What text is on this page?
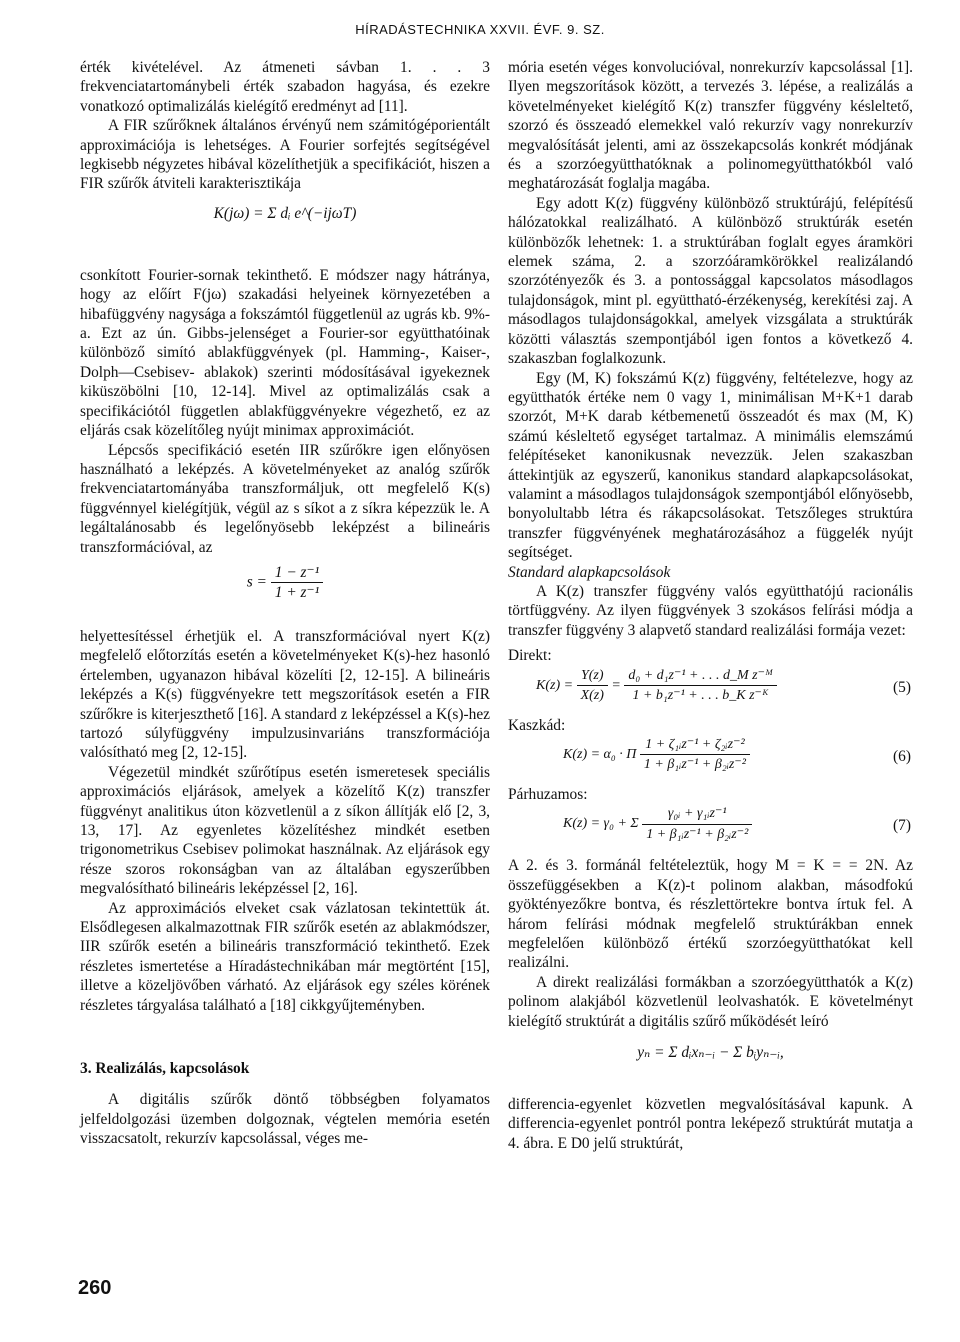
HÍRADÁSTECHNIKA XXVII. ÉVF. 9. SZ.

érték kivételével. Az átmeneti sávban 1. . . 3 frekvenciatartománybeli érték szabadon hagyása, és ezekre vonatkozó optimalizálás kielégítő eredményt ad [11].

A FIR szűrőknek általános érvényű nem számitógéporientált approximációja is lehetséges. A Fourier sorfejtés segítségével legkisebb négyzetes hibával közelíthetjük a specifikációt, hiszen a FIR szűrők átviteli karakterisztikája

K(jω) = Σ dᵢ e^(−ijωT)

csonkított Fourier-sornak tekinthető. E módszer nagy hátránya, hogy az előírt F(jω) szakadási helyeinek környezetében a hibafüggvény nagysága a fokszámtól függetlenül az ugrás kb. 9%-a. Ezt az ún. Gibbs-jelenséget a Fourier-sor együtthatóinak különböző simító ablakfüggvények (pl. Hamming-, Kaiser-, Dolph—Csebisev- ablakok) szerinti módosításával igyekeznek kiküszöbölni [10, 12-14]. Mivel az optimalizálás csak a specifikációtól független ablakfüggvényekre végezhető, ez az eljárás csak közelítőleg nyújt minimax approximációt.

Lépcsős specifikáció esetén IIR szűrőkre igen előnyösen használható a leképzés. A követelményeket az analóg szűrők frekvenciatartományába transzformáljuk, ott megfelelő K(s) függvénnyel kielégítjük, végül az s síkot a z síkra képezzük le. A legáltalánosabb és legelőnyösebb leképzést a bilineáris transzformációval, az

$s = \frac{\text{1 − z⁻¹}}{\text{1 + z⁻¹}}$

helyettesítéssel érhetjük el. A transzformációval nyert K(z) megfelelő előtorzítás esetén a követelményeket K(s)-hez hasonló értelemben, ugyanazon hibával közelíti [2, 12-15]. A bilineáris leképzés a K(s) függvényekre tett megszorítások esetén a FIR szűrőkre is kiterjeszthető [16]. A standard z leképzéssel a K(s)-hez tartozó súlyfüggvény impulzusinvariáns transzformációja valósítható meg [2, 12-15].

Végezetül mindkét szűrőtípus esetén ismeretesek speciális approximációs eljárások, amelyek a közelítő K(z) transzfer függvényt analitikus úton közvetlenül a z síkon állítják elő [2, 3, 13, 17]. Az egyenletes közelítéshez mindkét esetben trigonometrikus Csebisev polimokat használnak. Az eljárások egy része szoros rokonságban van az általában egyszerűbben megvalósítható bilineáris leképzéssel [2, 16].

Az approximációs elveket csak vázlatosan tekintettük át. Elsődlegesen alkalmazottnak FIR szűrők esetén az ablakmódszer, IIR szűrők esetén a bilineáris transzformáció tekinthető. Ezek részletes ismertetése a Híradástechnikában már megtörtént [15], illetve a közeljövőben várható. Az eljárások egy széles körének részletes tárgyalása található a [18] cikkgyűjteményben.

3. Realizálás, kapcsolások

A digitális szűrők döntő többségben folyamatos jelfeldolgozási üzemben dolgoznak, végtelen memória esetén visszacsatolt, rekurzív kapcsolással, véges me-

mória esetén véges konvolucióval, nonrekurzív kapcsolással [1]. Ilyen megszorítások között, a tervezés 3. lépése, a realizálás a követelményeket kielégítő K(z) transzfer függvény késleltető, szorzó és összeadó elemekkel való rekurzív vagy nonrekurzív megvalósítását jelenti, ami az összekapcsolás konkrét módjának és a szorzóegyütthatóknak a polinomegyütthatókból való meghatározását foglalja magába.

Egy adott K(z) függvény különböző struktúrájú, felépítésű hálózatokkal realizálható. A különböző struktúrák esetén különbözők lehetnek: 1. a struktúrában foglalt egyes áramköri elemek száma, 2. a szorzóáramkörökkel realizálandó szorzótényezők és 3. a pontossággal kapcsolatos másodlagos tulajdonságok, mint pl. együttható-érzékenység, kerekítési zaj. A másodlagos tulajdonságokkal, amelyek vizsgálata a struktúrák közötti választás szempontjából igen fontos a következő 4. szakaszban foglalkozunk.

Egy (M, K) fokszámú K(z) függvény, feltételezve, hogy az együtthatók értéke nem 0 vagy 1, minimálisan M+K+1 darab szorzót, M+K darab kétbemenetű összeadót és max (M, K) számú késleltető egységet tartalmaz. A minimális elemszámú felépítéseket kanonikusnak nevezzük. Jelen szakaszban áttekintjük az egyszerű, kanonikus standard alapkapcsolásokat, valamint a másodlagos tulajdonságok szempontjából előnyösebb, bonyolultabb létra és rákapcsolásokat. Tetszőleges struktúra transzfer függvényének meghatározásához a függelék nyújt segítséget.

Standard alapkapcsolások

A K(z) transzfer függvény valós együtthatójú racionális törtfüggvény. Az ilyen függvények 3 szokásos felírási módja a transzfer függvény 3 alapvető standard realizálási formája vezet:

Direkt:

$K(z) = \frac{Y(z)}{X(z)} = \frac{\text{d₀ + d₁z⁻¹ + . . . d\_M z⁻ᴹ}}{\text{1 + b₁z⁻¹ + . . . b\_K z⁻ᴷ}}$	(5)

Kaszkád:

K(z) = α₀ · Π $\frac{\text{1 + ζ₁ᵢz⁻¹ + ζ₂ᵢz⁻²}}{\text{1 + β₁ᵢz⁻¹ + β₂ᵢz⁻²}}$	(6)

Párhuzamos:

K(z) = γ₀ + Σ $\frac{\text{γ₀ᵢ + γ₁ᵢz⁻¹}}{\text{1 + β₁ᵢz⁻¹ + β₂ᵢz⁻²}}$	(7)

A 2. és 3. formánál feltételeztük, hogy M = K = = 2N. Az összefüggésekben a K(z)-t polinom alakban, másodfokú gyöktényezőkre bontva, és részlettörtekre bontva írtuk fel. A három felírási módnak megfelelő struktúrákban ennek megfelelően különböző értékű szorzóegyütthatókat kell realizálni.

A direkt realizálási formákban a szorzóegyütthatók a K(z) polinom alakjából közvetlenül leolvashatók. E követelményt kielégítő struktúrát a digitális szűrő működését leíró

yₙ = Σ dᵢxₙ₋ᵢ − Σ bᵢyₙ₋ᵢ,

differencia-egyenlet közvetlen megvalósításával kapunk. A differencia-egyenlet pontról pontra leképező struktúrát mutatja a 4. ábra. E D0 jelű struktúrát,

260
